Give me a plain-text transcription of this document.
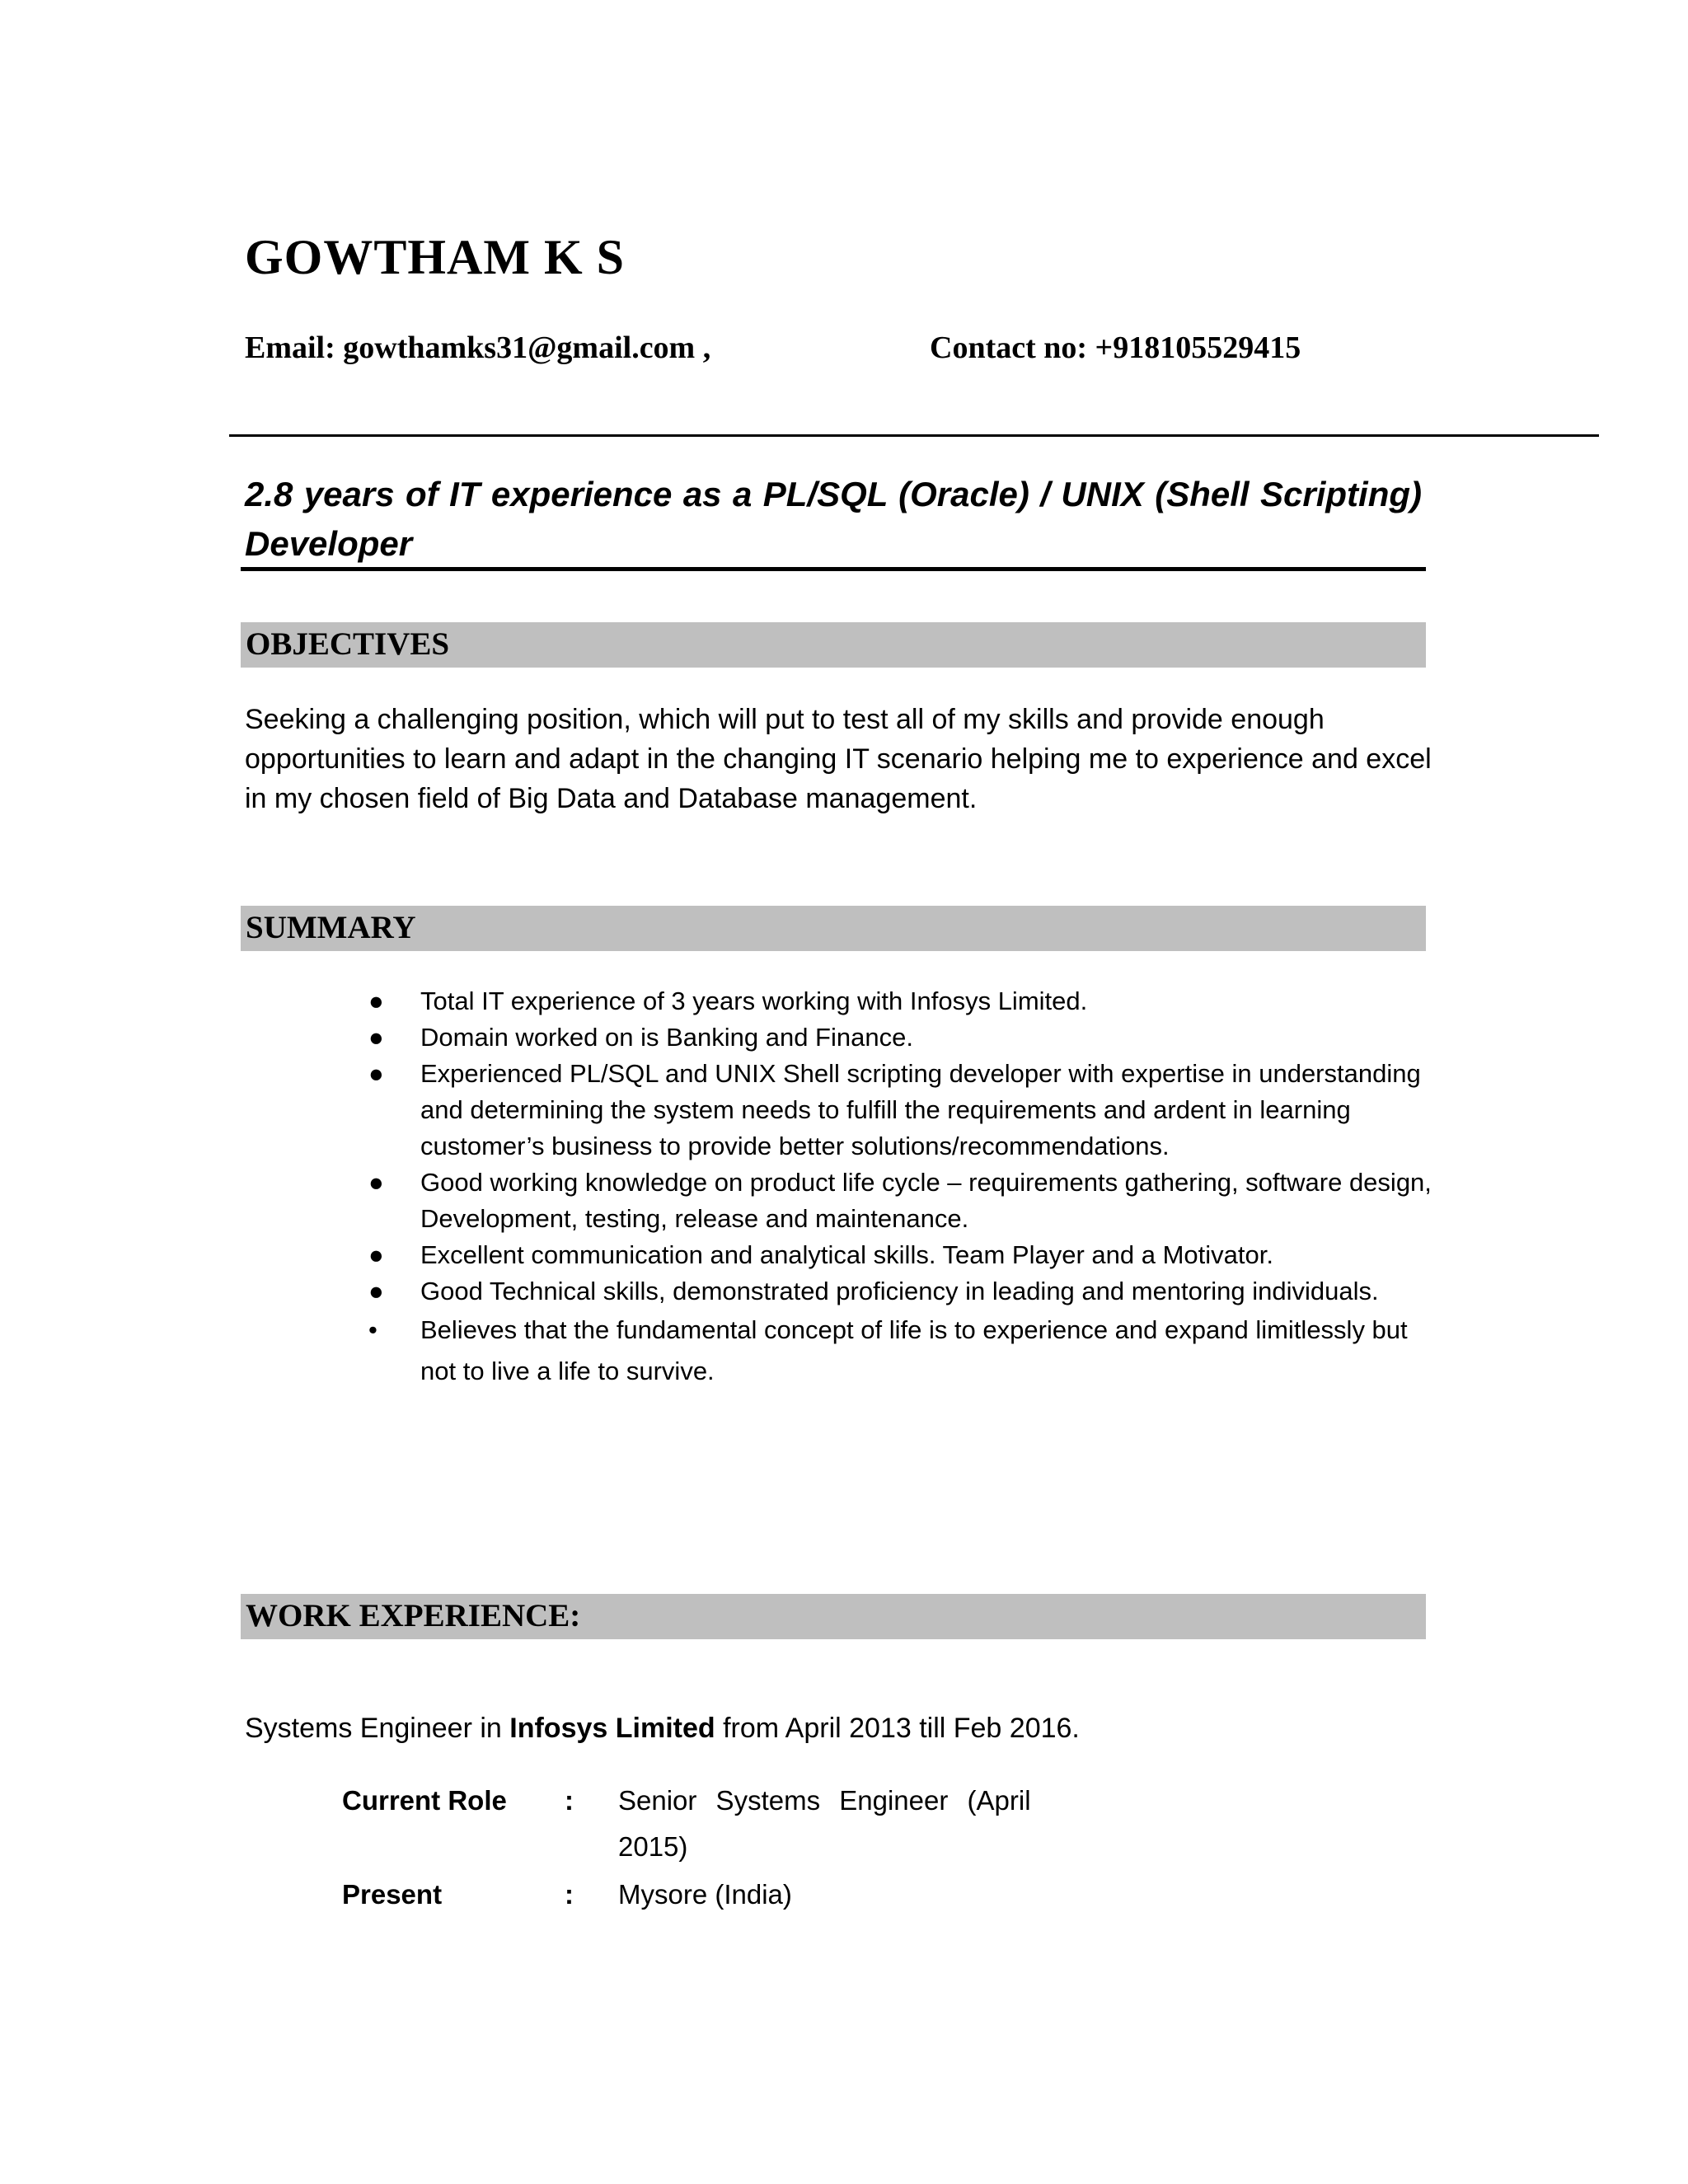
GOWTHAM K S
Email: gowthamks31@gmail.com ,	Contact no: +918105529415
2.8 years of IT experience as a PL/SQL (Oracle) / UNIX (Shell Scripting) Developer
OBJECTIVES
Seeking a challenging position, which will put to test all of my skills and provide enough opportunities to learn and adapt in the changing IT scenario helping me to experience and excel in my chosen field of Big Data and Database management.
SUMMARY
● Total IT experience of 3 years working with Infosys Limited.
● Domain worked on is Banking and Finance.
● Experienced PL/SQL and UNIX Shell scripting developer with expertise in understanding and determining the system needs to fulfill the requirements and ardent in learning customer’s business to provide better solutions/recommendations.
● Good working knowledge on product life cycle – requirements gathering, software design, Development, testing, release and maintenance.
● Excellent communication and analytical skills. Team Player and a Motivator.
● Good Technical skills, demonstrated proficiency in leading and mentoring individuals.
• Believes that the fundamental concept of life is to experience and expand limitlessly but not to live a life to survive.
WORK EXPERIENCE:
Systems Engineer in Infosys Limited from April 2013 till Feb 2016.
Current Role : Senior Systems Engineer (April
2015)
Present	: Mysore (India)
